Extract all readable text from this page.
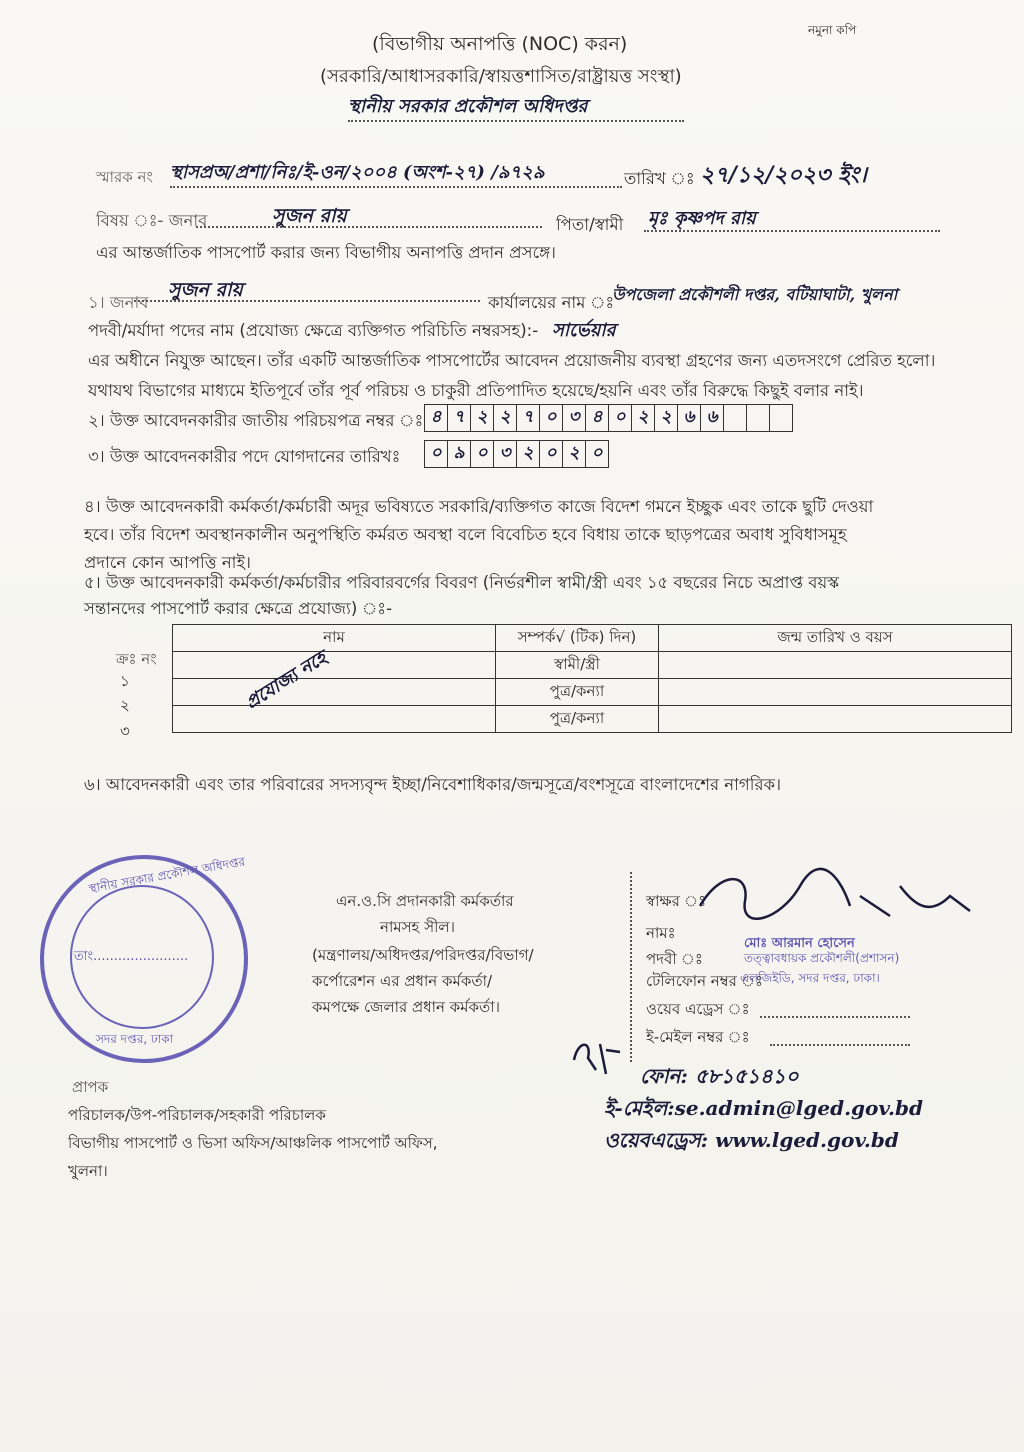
নমুনা কপি
(বিভাগীয় অনাপত্তি (NOC) করন)
(সরকারি/আধাসরকারি/স্বায়ত্তশাসিত/রাষ্ট্রায়ত্ত সংস্থা)
স্থানীয় সরকার প্রকৌশল অধিদপ্তর
স্মারক নং স্থাসপ্রঅ/প্রশা/নিঃ/ই-ওন/২০০৪ (অংশ-২৭) /৯৭২৯	তারিখ ঃ ২৭/১২/২০২৩ ইং।
বিষয় ঃ- জনাব	সুজন রায়	পিতা/স্বামী মৃঃ কৃষ্ণপদ রায়
এর আন্তর্জাতিক পাসপোর্ট করার জন্য বিভাগীয় অনাপত্তি প্রদান প্রসঙ্গে।
১। জনাব
সুজন রায়
কার্যালয়ের নাম ঃ
উপজেলা প্রকৌশলী দপ্তর, বটিয়াঘাটা, খুলনা
পদবী/মর্যাদা পদের নাম (প্রযোজ্য ক্ষেত্রে ব্যক্তিগত পরিচিতি নম্বরসহ):- সার্ভেয়ার
এর অধীনে নিযুক্ত আছেন। তাঁর একটি আন্তর্জাতিক পাসপোর্টের আবেদন প্রয়োজনীয় ব্যবস্থা গ্রহণের জন্য এতদসংগে প্রেরিত হলো।
যথাযথ বিভাগের মাধ্যমে ইতিপূর্বে তাঁর পূর্ব পরিচয় ও চাকুরী প্রতিপাদিত হয়েছে/হয়নি এবং তাঁর বিরুদ্ধে কিছুই বলার নাই।
২। উক্ত আবেদনকারীর জাতীয় পরিচয়পত্র নম্বর ঃ ৪ ৭ ২ ২ ৭ ০ ৩ ৪ ০ ২ ২ ৬ ৬
৩। উক্ত আবেদনকারীর পদে যোগদানের তারিখঃ	০ ৯ ০ ৩ ২ ০ ২ ০
৪। উক্ত আবেদনকারী কর্মকর্তা/কর্মচারী অদূর ভবিষ্যতে সরকারি/ব্যক্তিগত কাজে বিদেশ গমনে ইচ্ছুক এবং তাকে ছুটি দেওয়া
হবে। তাঁর বিদেশ অবস্থানকালীন অনুপস্থিতি কর্মরত অবস্থা বলে বিবেচিত হবে বিধায় তাকে ছাড়পত্রের অবাধ সুবিধাসমূহ
প্রদানে কোন আপত্তি নাই।
৫। উক্ত আবেদনকারী কর্মকর্তা/কর্মচারীর পরিবারবর্গের বিবরণ (নির্ভরশীল স্বামী/স্ত্রী এবং ১৫ বছরের নিচে অপ্রাপ্ত বয়স্ক
সন্তানদের পাসপোর্ট করার ক্ষেত্রে প্রযোজ্য) ঃ-
ক্রঃ নং
১
২
৩
নাম	সম্পর্ক√ (টিক) দিন)	জন্ম তারিখ ও বয়স
	স্বামী/স্ত্রী	
	পুত্র/কন্যা	
	পুত্র/কন্যা	
প্রযোজ্য নহে
৬। আবেদনকারী এবং তার পরিবারের সদস্যবৃন্দ ইচ্ছা/নিবেশাধিকার/জন্মসূত্রে/বংশসূত্রে বাংলাদেশের নাগরিক।
স্থানীয় সরকার প্রকৌশল অধিদপ্তর
তাং.......................
সদর দপ্তর, ঢাকা
এন.ও.সি প্রদানকারী কর্মকর্তার
নামসহ সীল।
(মন্ত্রণালয়/অধিদপ্তর/পরিদপ্তর/বিভাগ/
কর্পোরেশন এর প্রধান কর্মকর্তা/
কমপক্ষে জেলার প্রধান কর্মকর্তা।
স্বাক্ষর ঃ
নামঃ
মোঃ আরমান হোসেন
পদবী ঃ	তত্ত্বাবধায়ক প্রকৌশলী(প্রশাসন)
টেলিফোন নম্বর ঃ
এলজিইডি, সদর দপ্তর, ঢাকা।
ওয়েব এড্রেস ঃ
ই-মেইল নম্বর ঃ
ফোন: ৫৮১৫১৪১০
ই-মেইল:se.admin@lged.gov.bd
ওয়েবএড্রেস: www.lged.gov.bd
প্রাপক
পরিচালক/উপ-পরিচালক/সহকারী পরিচালক
বিভাগীয় পাসপোর্ট ও ভিসা অফিস/আঞ্চলিক পাসপোর্ট অফিস,
খুলনা।
